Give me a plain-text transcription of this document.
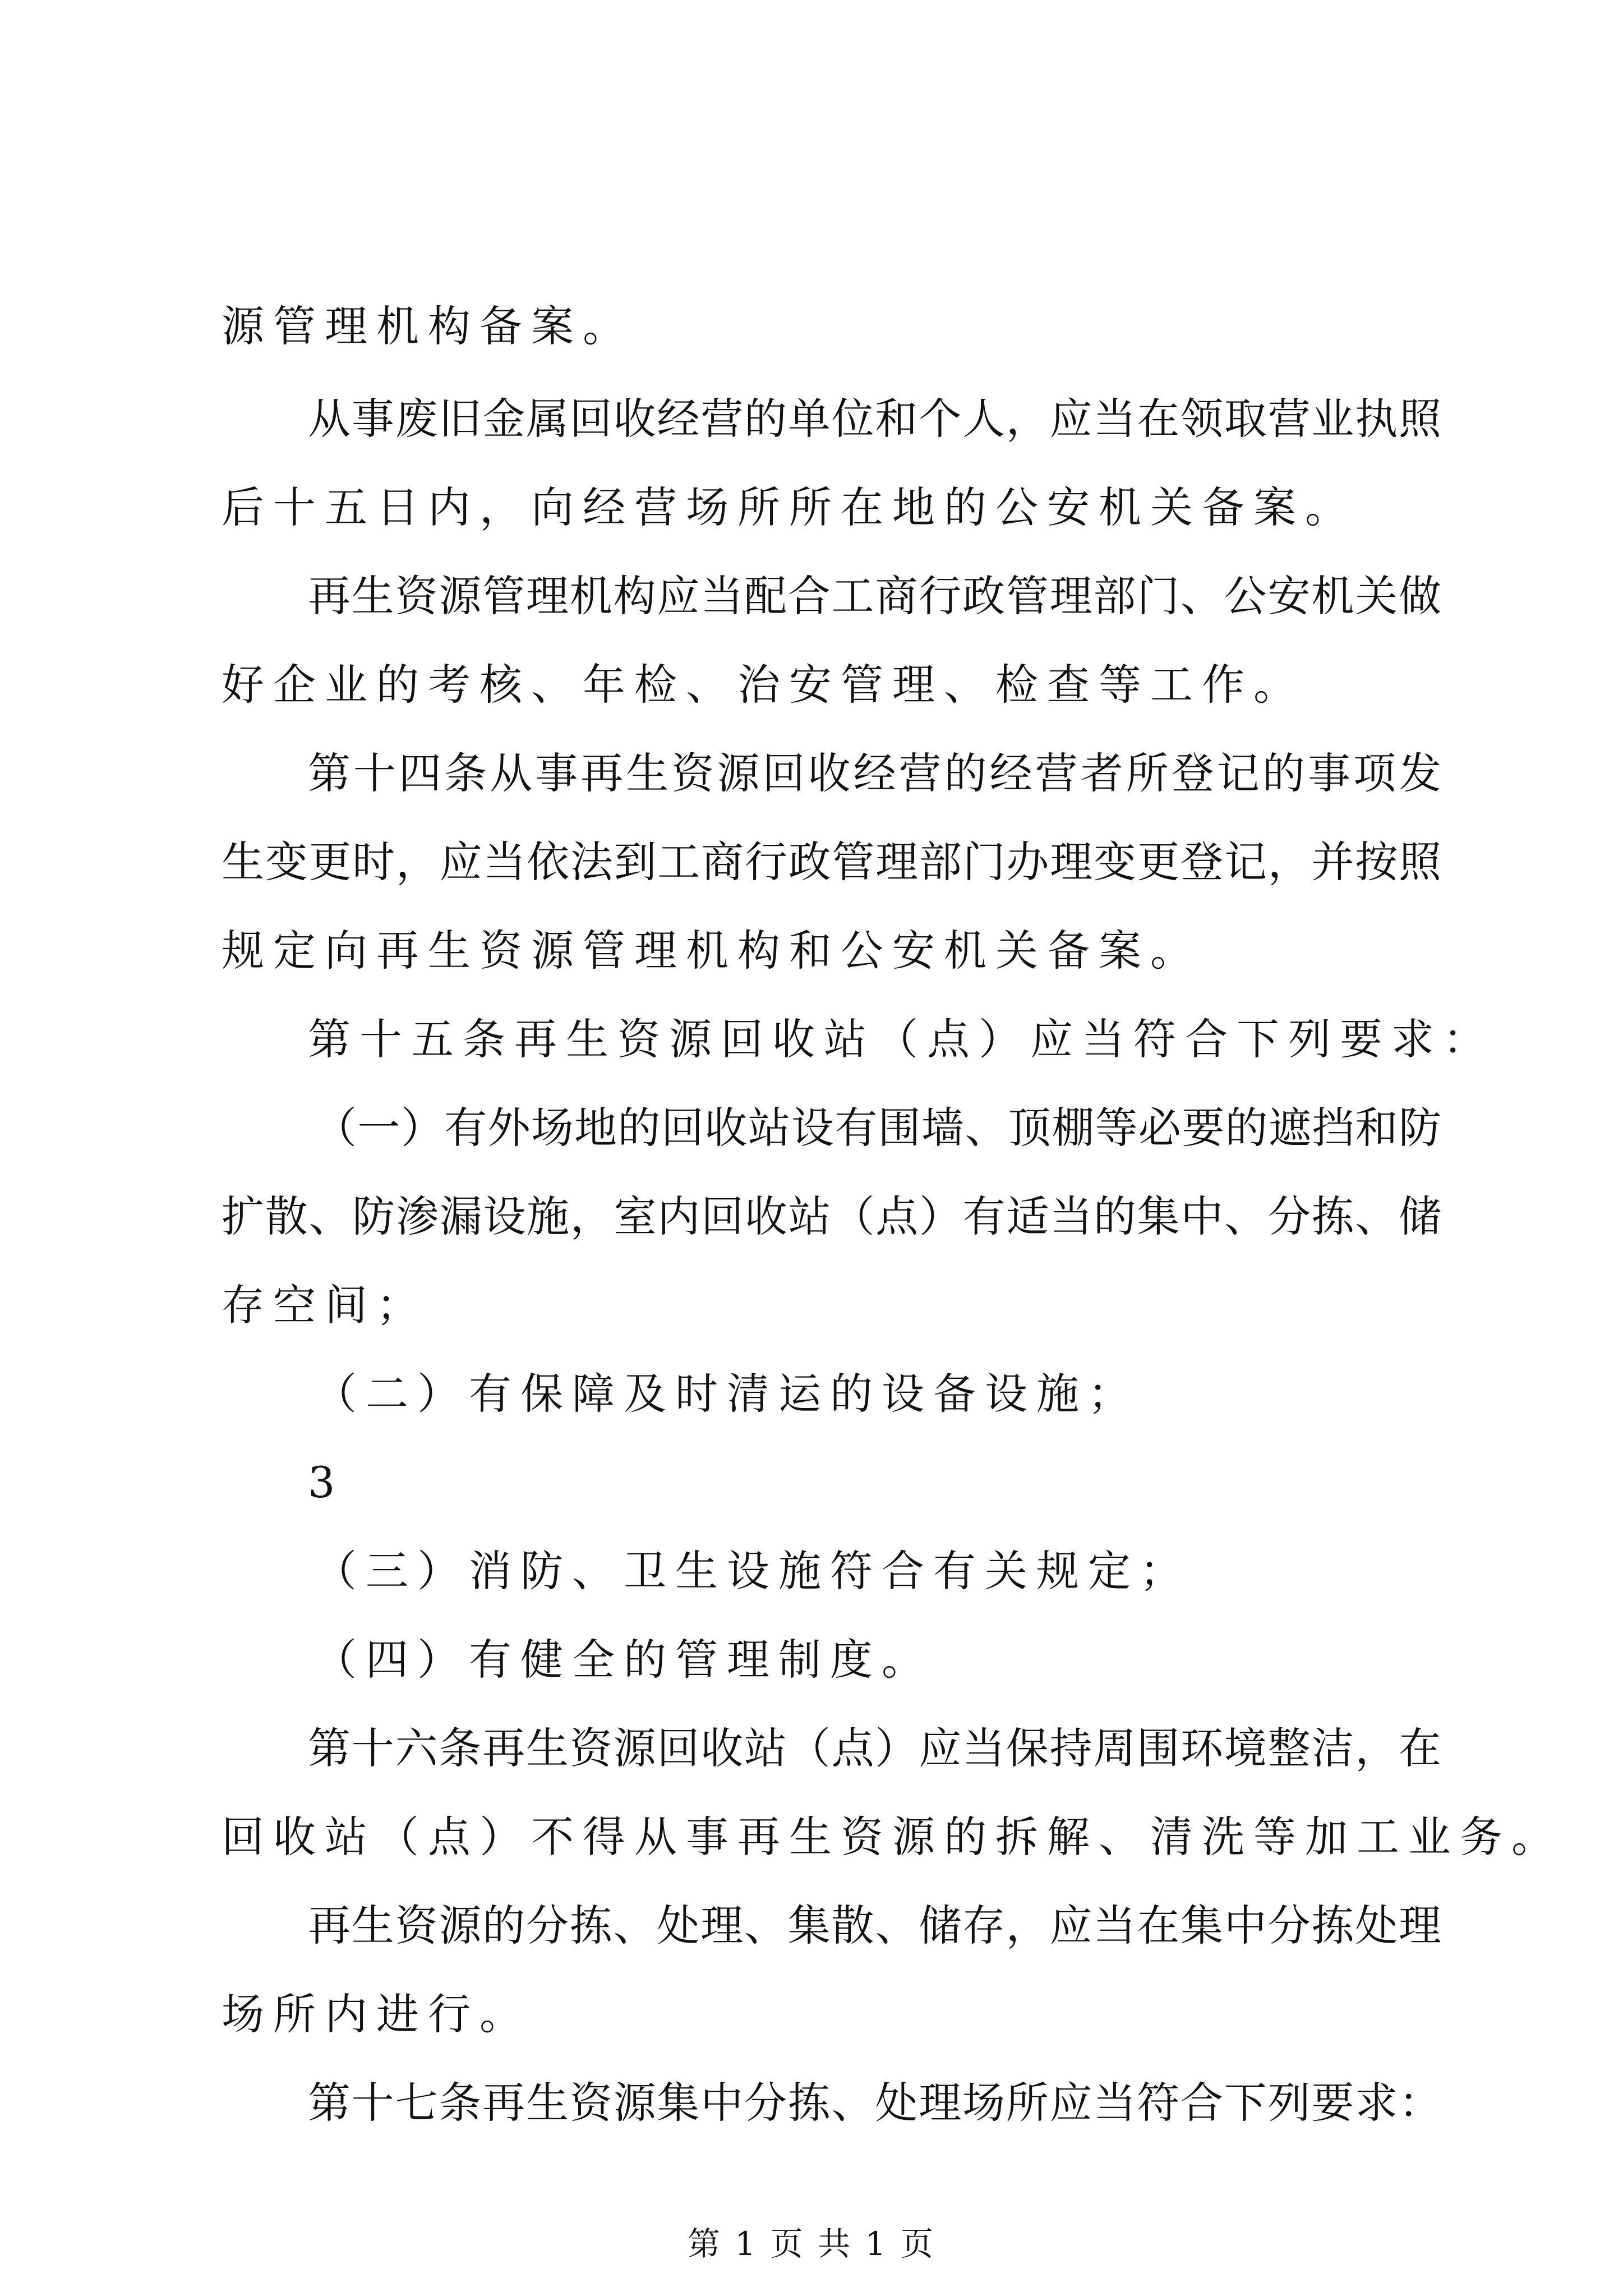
源管理机构备案。
从事废旧金属回收经营的单位和个人，应当在领取营业执照
后十五日内，向经营场所所在地的公安机关备案。
再生资源管理机构应当配合工商行政管理部门、公安机关做
好企业的考核、年检、治安管理、检查等工作。
第十四条从事再生资源回收经营的经营者所登记的事项发
生变更时，应当依法到工商行政管理部门办理变更登记，并按照
规定向再生资源管理机构和公安机关备案。
第十五条再生资源回收站（点）应当符合下列要求：
（一）有外场地的回收站设有围墙、顶棚等必要的遮挡和防
扩散、防渗漏设施，室内回收站（点）有适当的集中、分拣、储
存空间；
（二）有保障及时清运的设备设施；
3
（三）消防、卫生设施符合有关规定；
（四）有健全的管理制度。
第十六条再生资源回收站（点）应当保持周围环境整洁，在
回收站（点）不得从事再生资源的拆解、清洗等加工业务。
再生资源的分拣、处理、集散、储存，应当在集中分拣处理
场所内进行。
第十七条再生资源集中分拣、处理场所应当符合下列要求：
第 1 页 共 1 页
